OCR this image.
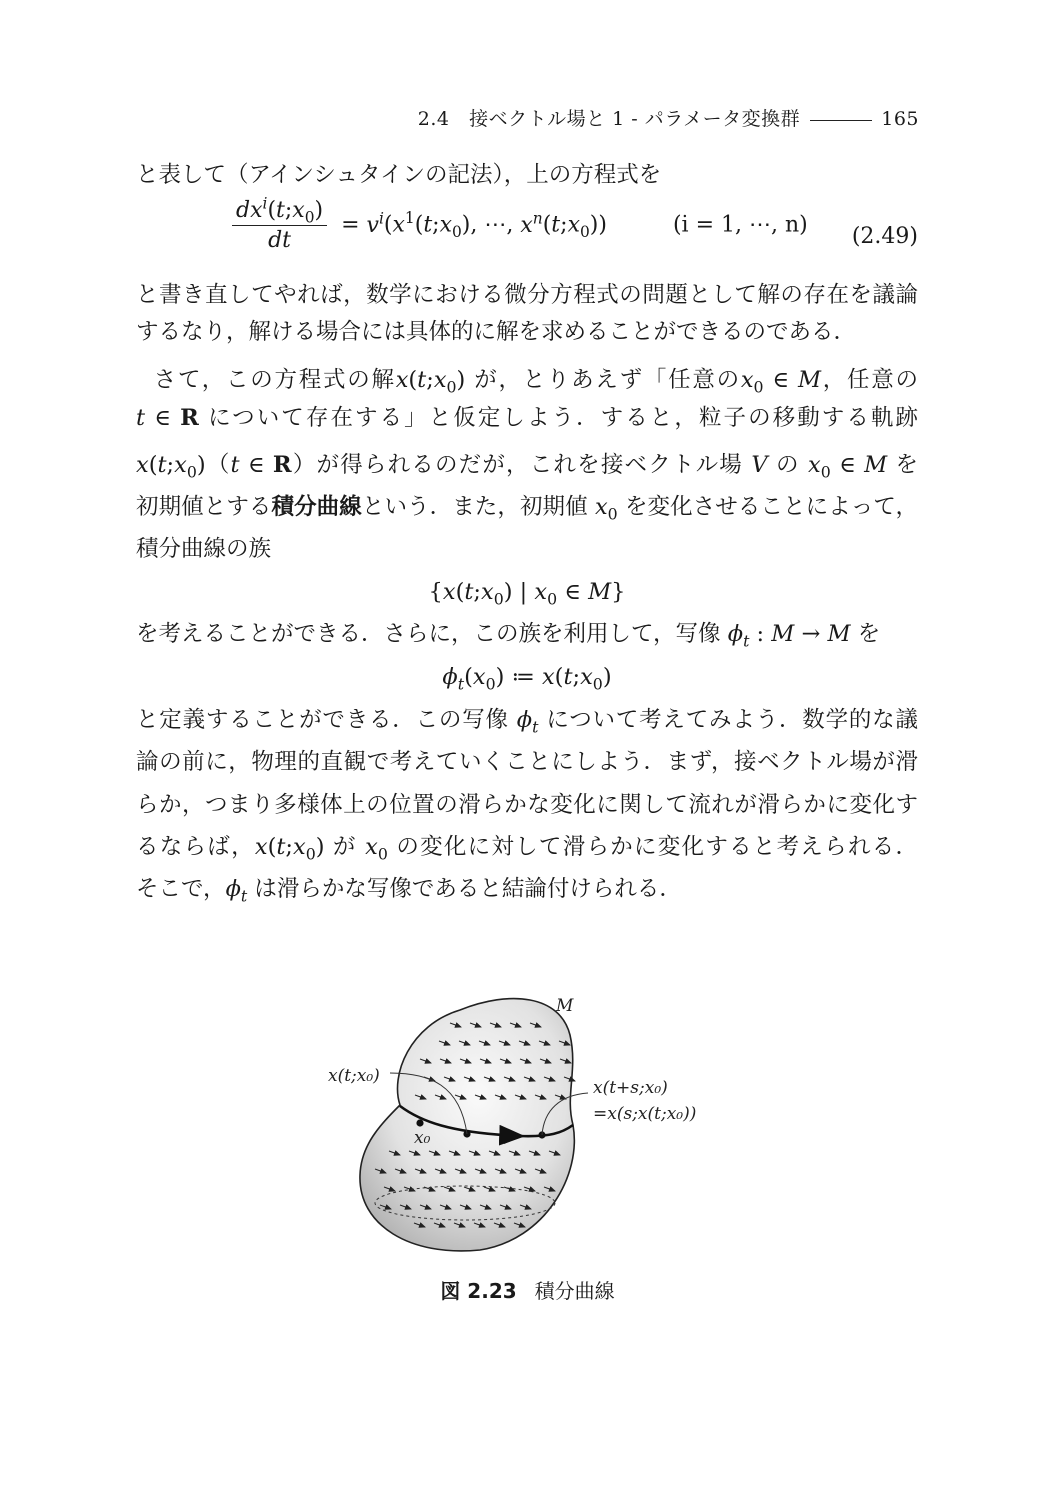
2.4 接ベクトル場と 1 - パラメータ変換群	165
と表して（アインシュタインの記法），上の方程式を
$\frac{dx^i(t;x_0)}{dt}$ = $v^i(x^1(t;x_0)$, ⋯, $x^n(t;x_0)$)	(i = 1, ⋯, n) (2.49)
と書き直してやれば，数学における微分方程式の問題として解の存在を議論
するなり，解ける場合には具体的に解を求めることができるのである．
さて，この方程式の解$x(t;x_0)$ が，とりあえず「任意の$x_0$ ∈ M，任意の
t ∈ R について存在する」と仮定しよう．すると，粒子の移動する軌跡
$x(t;x_0)(t$ ∈ R）が得られるのだが，これを接ベクトル場 V の $x_0$ ∈ M を
初期値とする積分曲線という．また，初期値 $x_0$ を変化させることによって，
積分曲線の族
{$x(t;x_0)$ | $x_0$ ∈ M}
を考えることができる．さらに，この族を利用して，写像 $\phi_t$ : M → M を
$\phi_t(x_0)$ ≔ $x(t;x_0)$
と定義することができる．この写像 $\phi_t$ について考えてみよう．数学的な議
論の前に，物理的直観で考えていくことにしよう．まず，接ベクトル場が滑
らか，つまり多様体上の位置の滑らかな変化に関して流れが滑らかに変化す
るならば，$x(t;x_0)$ が $x_0$ の変化に対して滑らかに変化すると考えられる．
そこで，$\phi_t$ は滑らかな写像であると結論付けられる．
M
x(t;x₀)
x₀
x(t+s;x₀)
=x(s;x(t;x₀))
図 2.23 積分曲線
